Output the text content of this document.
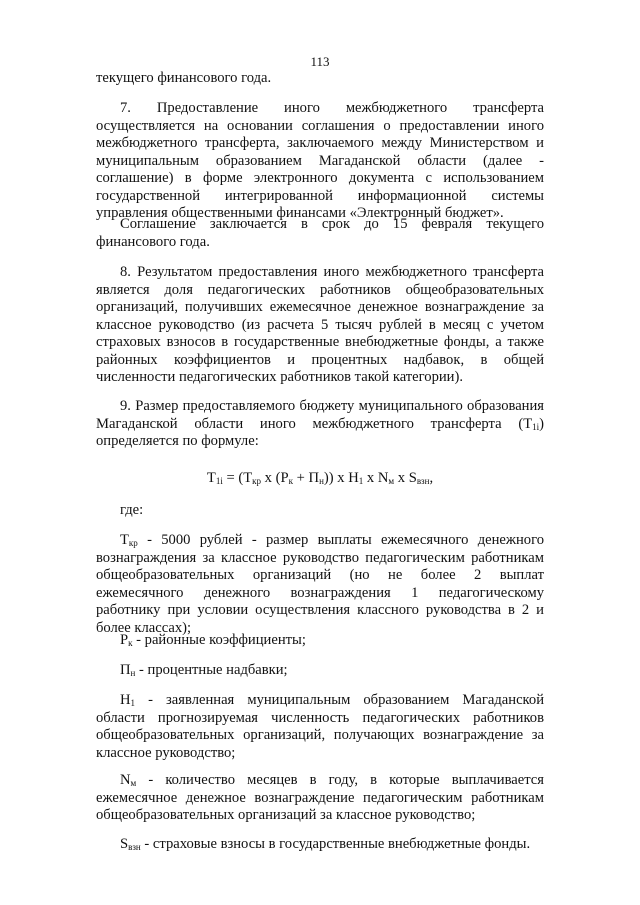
113

текущего финансового года.

7. Предоставление иного межбюджетного трансферта осуществляется на основании соглашения о предоставлении иного межбюджетного трансферта, заключаемого между Министерством и муниципальным образованием Магаданской области (далее - соглашение) в форме электронного документа с использованием государственной интегрированной информационной системы управления общественными финансами «Электронный бюджет».

Соглашение заключается в срок до 15 февраля текущего финансового года.

8. Результатом предоставления иного межбюджетного трансферта является доля педагогических работников общеобразовательных организаций, получивших ежемесячное денежное вознаграждение за классное руководство (из расчета 5 тысяч рублей в месяц с учетом страховых взносов в государственные внебюджетные фонды, а также районных коэффициентов и процентных надбавок, в общей численности педагогических работников такой категории).

9. Размер предоставляемого бюджету муниципального образования Магаданской области иного межбюджетного трансферта $(T_{1i})$ определяется по формуле:

$T_{1i} = (T_{кр}$ x $(P_к + П_н)$) x $H_1$ x $N_м$ x $S_{взн}$,

где:

$T_{кр} - 5000$ рублей - размер выплаты ежемесячного денежного вознаграждения за классное руководство педагогическим работникам общеобразовательных организаций (но не более 2 выплат ежемесячного денежного вознаграждения 1 педагогическому работнику при условии осуществления классного руководства в 2 и более классах);

$P_к$ - районные коэффициенты;

$П_н$ - процентные надбавки;

$H_1$ - заявленная муниципальным образованием Магаданской области прогнозируемая численность педагогических работников общеобразовательных организаций, получающих вознаграждение за классное руководство;

$N_м$ - количество месяцев в году, в которые выплачивается ежемесячное денежное вознаграждение педагогическим работникам общеобразовательных организаций за классное руководство;

$S_{взн}$ - страховые взносы в государственные внебюджетные фонды.
